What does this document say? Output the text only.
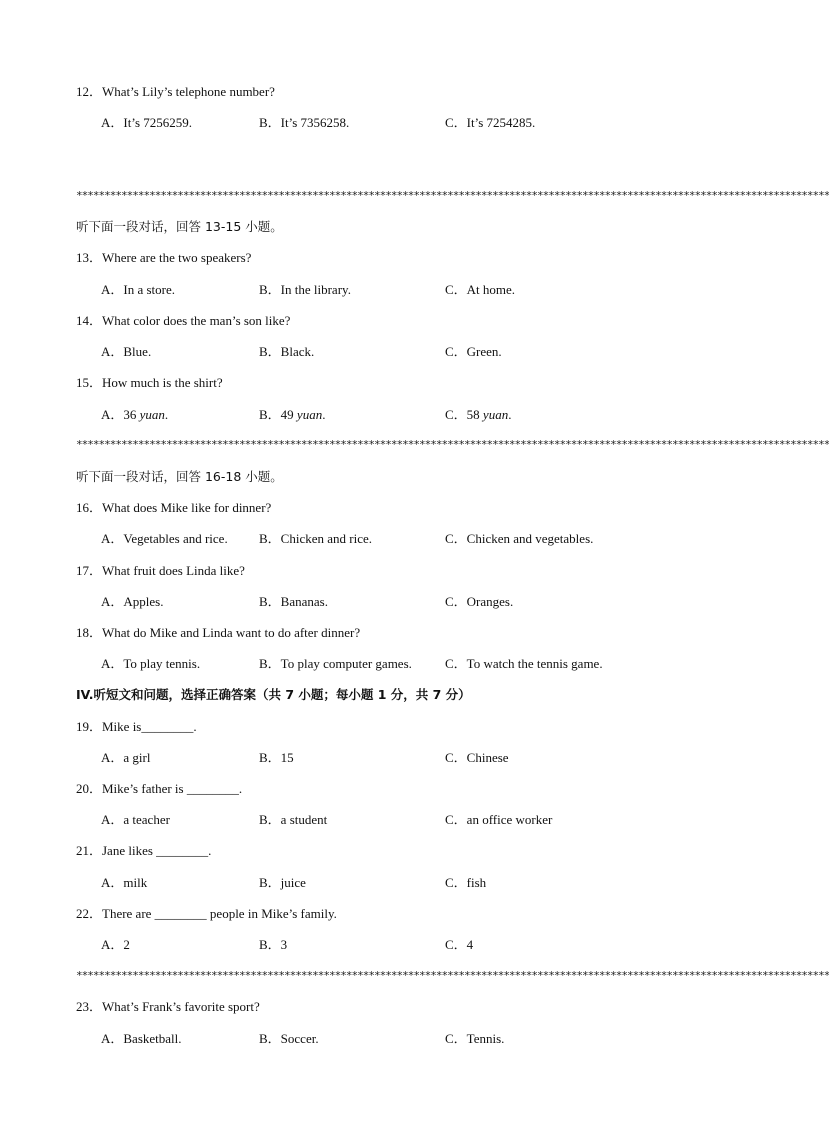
12．What’s Lily’s telephone number?
A．It’s 7256259.	B．It’s 7356258.	C．It’s 7254285.
**************************************************************************************************************************************
听下面一段对话，回答 13-15 小题。
13．Where are the two speakers?
A．In a store.	B．In the library.	C．At home.
14．What color does the man’s son like?
A．Blue.	B．Black.	C．Green.
15．How much is the shirt?
A．36 yuan.	B．49 yuan.	C．58 yuan.
**************************************************************************************************************************************
听下面一段对话，回答 16-18 小题。
16．What does Mike like for dinner?
A．Vegetables and rice. B．Chicken and rice.	C．Chicken and vegetables.
17．What fruit does Linda like?
A．Apples.	B．Bananas.	C．Oranges.
18．What do Mike and Linda want to do after dinner?
A．To play tennis.	B．To play computer games.	C．To watch the tennis game.
IV.听短文和问题，选择正确答案（共 7 小题；每小题 1 分，共 7 分）
19．Mike is________.
A．a girl	B．15	C．Chinese
20．Mike’s father is ________.
A．a teacher	B．a student	C．an office worker
21．Jane likes ________.
A．milk	B．juice	C．fish
22．There are ________ people in Mike’s family.
A．2	B．3	C．4
**************************************************************************************************************************************
23．What’s Frank’s favorite sport?
A．Basketball.	B．Soccer.	C．Tennis.
